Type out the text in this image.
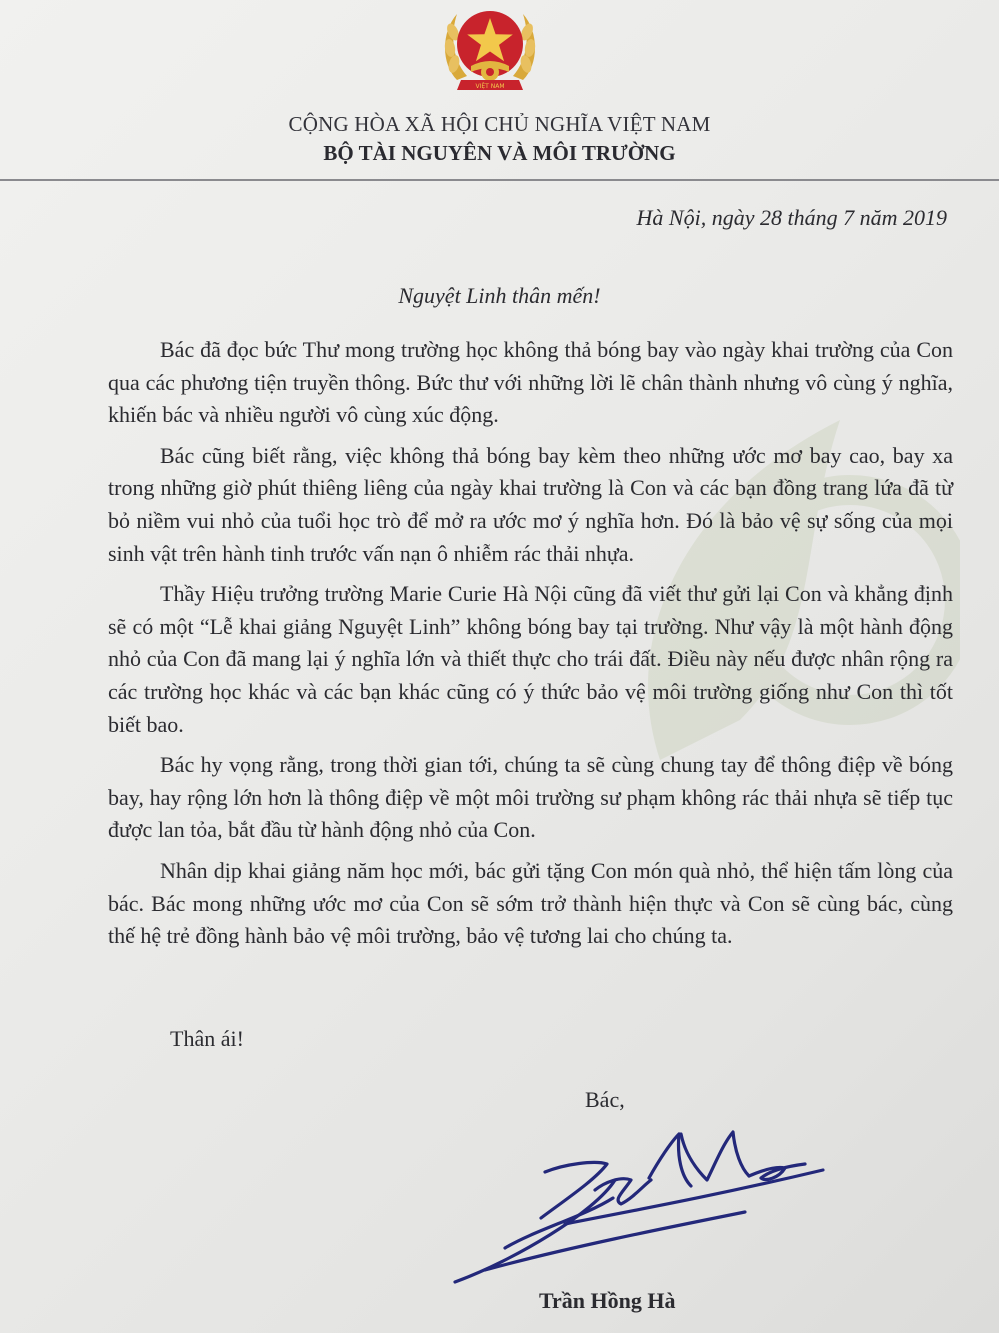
VIỆT NAM
CỘNG HÒA XÃ HỘI CHỦ NGHĨA VIỆT NAM
BỘ TÀI NGUYÊN VÀ MÔI TRƯỜNG
Hà Nội, ngày 28 tháng 7 năm 2019
Nguyệt Linh thân mến!

Bác đã đọc bức Thư mong trường học không thả bóng bay vào ngày khai trường của Con qua các phương tiện truyền thông. Bức thư với những lời lẽ chân thành nhưng vô cùng ý nghĩa, khiến bác và nhiều người vô cùng xúc động.

Bác cũng biết rằng, việc không thả bóng bay kèm theo những ước mơ bay cao, bay xa trong những giờ phút thiêng liêng của ngày khai trường là Con và các bạn đồng trang lứa đã từ bỏ niềm vui nhỏ của tuổi học trò để mở ra ước mơ ý nghĩa hơn. Đó là bảo vệ sự sống của mọi sinh vật trên hành tinh trước vấn nạn ô nhiễm rác thải nhựa.

Thầy Hiệu trưởng trường Marie Curie Hà Nội cũng đã viết thư gửi lại Con và khẳng định sẽ có một “Lễ khai giảng Nguyệt Linh” không bóng bay tại trường. Như vậy là một hành động nhỏ của Con đã mang lại ý nghĩa lớn và thiết thực cho trái đất. Điều này nếu được nhân rộng ra các trường học khác và các bạn khác cũng có ý thức bảo vệ môi trường giống như Con thì tốt biết bao.

Bác hy vọng rằng, trong thời gian tới, chúng ta sẽ cùng chung tay để thông điệp về bóng bay, hay rộng lớn hơn là thông điệp về một môi trường sư phạm không rác thải nhựa sẽ tiếp tục được lan tỏa, bắt đầu từ hành động nhỏ của Con.

Nhân dịp khai giảng năm học mới, bác gửi tặng Con món quà nhỏ, thể hiện tấm lòng của bác. Bác mong những ước mơ của Con sẽ sớm trở thành hiện thực và Con sẽ cùng bác, cùng thế hệ trẻ đồng hành bảo vệ môi trường, bảo vệ tương lai cho chúng ta.

Thân ái!
Bác,
Trần Hồng Hà
